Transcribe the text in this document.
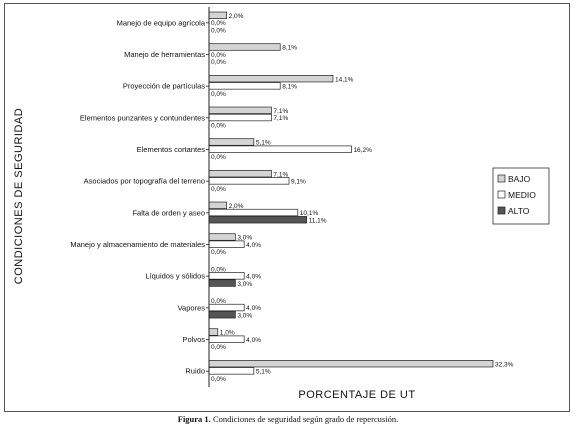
Manejo de equipo agrícola
Manejo de herramientas
Proyección de partículas
Elementos punzantes y contundentes
Elementos cortantes
Asociados por topografía del terreno
Falta de orden y aseo
Manejo y almacenamiento de materiales
Líquidos y sólidos
Vapores
Polvos
Ruido
2,0%
0,0%
0,0%
8,1%
0,0%
0,0%
14,1%
8,1%
0,0%
7,1%
7,1%
0,0%
5,1%
16,2%
0,0%
7,1%
9,1%
0,0%
2,0%
10,1%
11,1%
3,0%
4,0%
0,0%
0,0%
4,0%
3,0%
0,0%
4,0%
3,0%
1,0%
4,0%
0,0%
32,3%
5,1%
0,0%
CONDICIONES DE SEGURIDAD
PORCENTAJE DE UT
BAJO
MEDIO
ALTO
Figura 1. Condiciones de seguridad según grado de repercusión.
